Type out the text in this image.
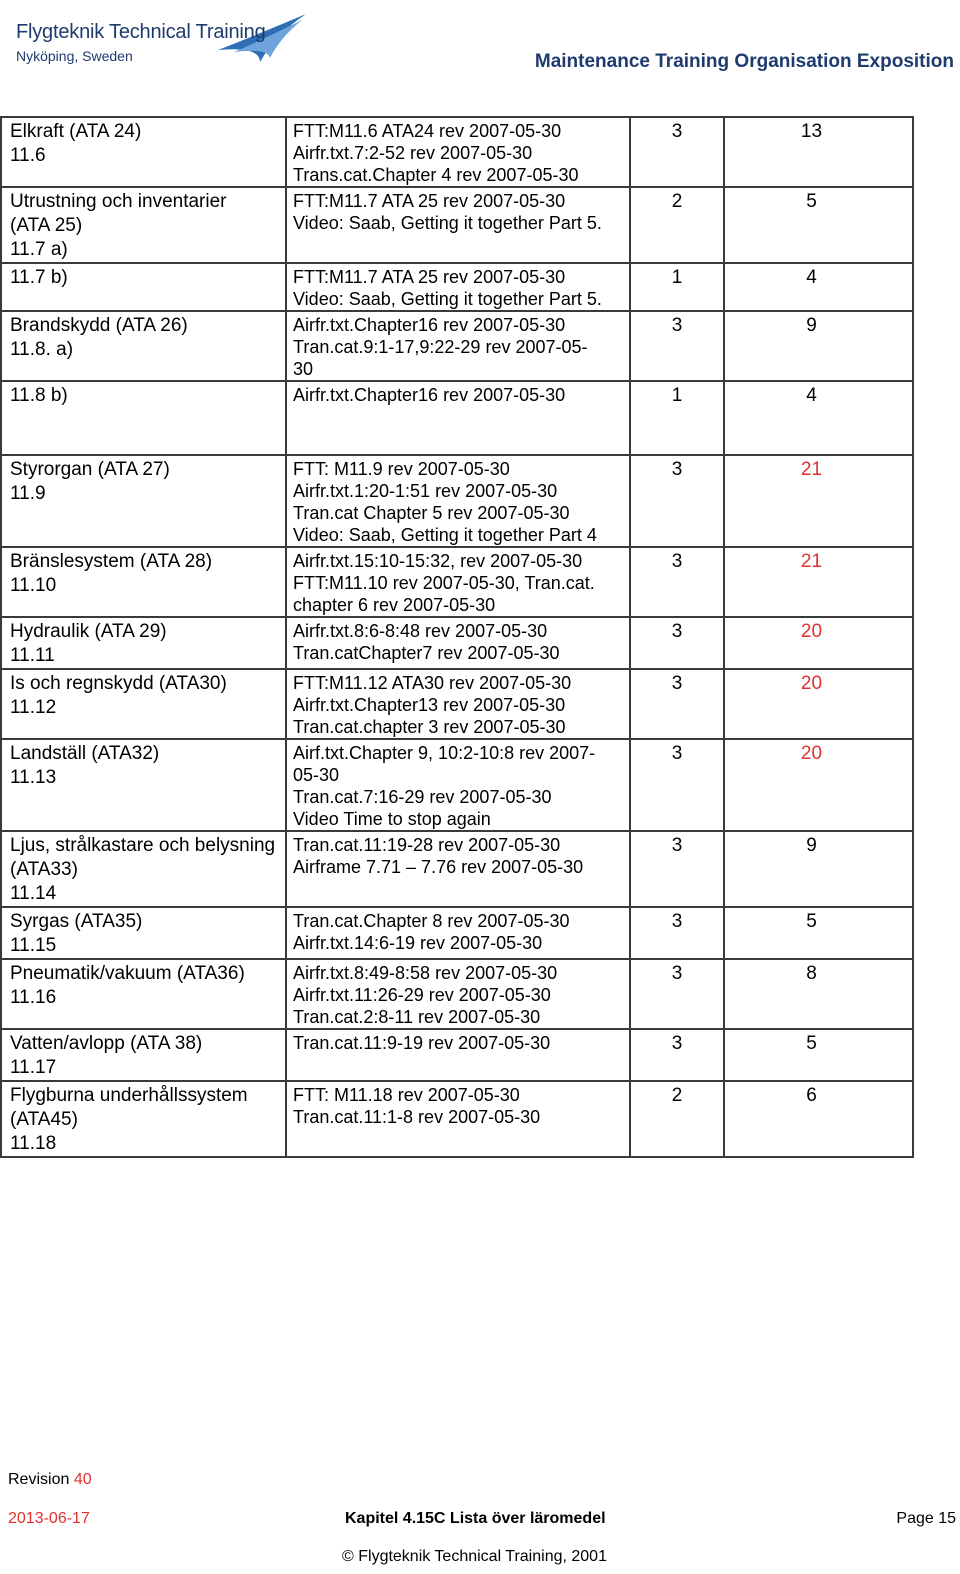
Flygteknik Technical Training
Nyköping, Sweden	Maintenance Training Organisation Exposition
Elkraft (ATA 24)
11.6	FTT:M11.6 ATA24 rev 2007-05-30
Airfr.txt.7:2-52 rev 2007-05-30
Trans.cat.Chapter 4 rev 2007-05-30	3	13

Utrustning och inventarier
(ATA 25)
11.7 a)	FTT:M11.7 ATA 25 rev 2007-05-30
Video: Saab, Getting it together Part 5.	2	5

11.7 b)	FTT:M11.7 ATA 25 rev 2007-05-30
Video: Saab, Getting it together Part 5.	1	4

Brandskydd (ATA 26)
11.8. a)	Airfr.txt.Chapter16 rev 2007-05-30
Tran.cat.9:1-17,9:22-29 rev 2007-05-
30	3	9

11.8 b)	Airfr.txt.Chapter16 rev 2007-05-30	1	4

Styrorgan (ATA 27)
11.9	FTT: M11.9 rev 2007-05-30
Airfr.txt.1:20-1:51 rev 2007-05-30
Tran.cat Chapter 5 rev 2007-05-30
Video: Saab, Getting it together Part 4	3	21

Bränslesystem (ATA 28)
11.10	Airfr.txt.15:10-15:32, rev 2007-05-30
FTT:M11.10 rev 2007-05-30, Tran.cat.
chapter 6 rev 2007-05-30	3	21

Hydraulik (ATA 29)
11.11	Airfr.txt.8:6-8:48 rev 2007-05-30
Tran.catChapter7 rev 2007-05-30	3	20

Is och regnskydd (ATA30)
11.12	FTT:M11.12 ATA30 rev 2007-05-30
Airfr.txt.Chapter13 rev 2007-05-30
Tran.cat.chapter 3 rev 2007-05-30	3	20

Landställ (ATA32)
11.13	Airf.txt.Chapter 9, 10:2-10:8 rev 2007-
05-30
Tran.cat.7:16-29 rev 2007-05-30
Video Time to stop again	3	20

Ljus, strålkastare och belysning
(ATA33)
11.14	Tran.cat.11:19-28 rev 2007-05-30
Airframe 7.71 – 7.76 rev 2007-05-30	3	9

Syrgas (ATA35)
11.15	Tran.cat.Chapter 8 rev 2007-05-30
Airfr.txt.14:6-19 rev 2007-05-30	3	5

Pneumatik/vakuum (ATA36)
11.16	Airfr.txt.8:49-8:58 rev 2007-05-30
Airfr.txt.11:26-29 rev 2007-05-30
Tran.cat.2:8-11 rev 2007-05-30	3	8

Vatten/avlopp (ATA 38)
11.17	Tran.cat.11:9-19 rev 2007-05-30	3	5

Flygburna underhållssystem
(ATA45)
11.18	FTT: M11.18 rev 2007-05-30
Tran.cat.11:1-8 rev 2007-05-30	2	6
Revision 40
2013-06-17	Kapitel 4.15C Lista över läromedel	Page 15
© Flygteknik Technical Training, 2001
